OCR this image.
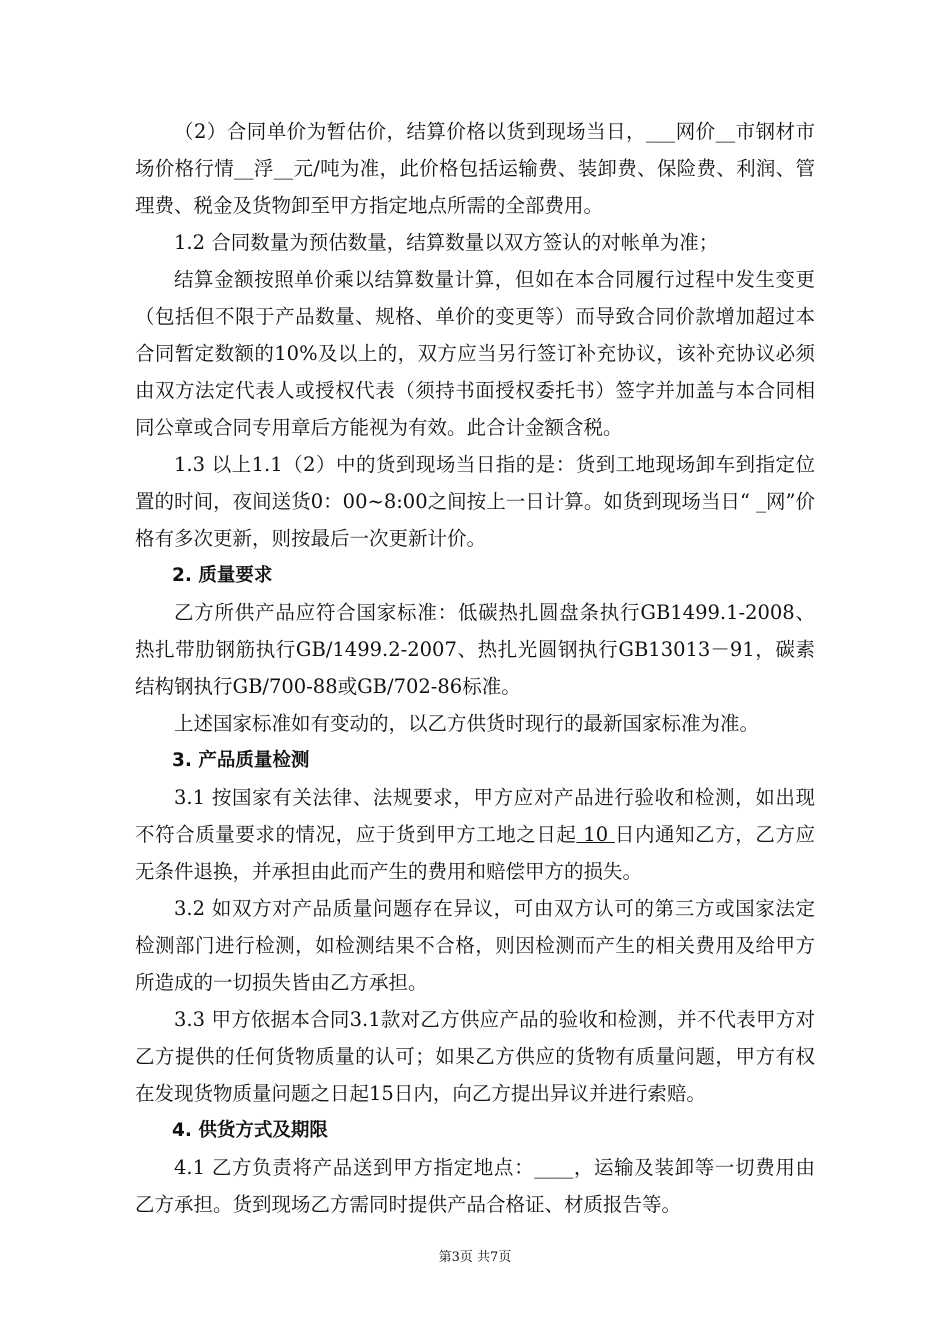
（2）合同单价为暂估价，结算价格以货到现场当日，___网价__市钢材市场价格行情__浮__元/吨为准，此价格包括运输费、装卸费、保险费、利润、管理费、税金及货物卸至甲方指定地点所需的全部费用。

1.2 合同数量为预估数量，结算数量以双方签认的对帐单为准；

结算金额按照单价乘以结算数量计算，但如在本合同履行过程中发生变更（包括但不限于产品数量、规格、单价的变更等）而导致合同价款增加超过本合同暂定数额的10%及以上的，双方应当另行签订补充协议，该补充协议必须由双方法定代表人或授权代表（须持书面授权委托书）签字并加盖与本合同相同公章或合同专用章后方能视为有效。此合计金额含税。

1.3 以上1.1（2）中的货到现场当日指的是：货到工地现场卸车到指定位置的时间，夜间送货0：00~8:00之间按上一日计算。如货到现场当日“ _网”价格有多次更新，则按最后一次更新计价。

2. 质量要求

乙方所供产品应符合国家标准：低碳热扎圆盘条执行GB1499.1-2008、热扎带肋钢筋执行GB/1499.2-2007、热扎光圆钢执行GB13013－91，碳素结构钢执行GB/700-88或GB/702-86标准。

上述国家标准如有变动的，以乙方供货时现行的最新国家标准为准。

3. 产品质量检测

3.1 按国家有关法律、法规要求，甲方应对产品进行验收和检测，如出现不符合质量要求的情况，应于货到甲方工地之日起 10 日内通知乙方，乙方应无条件退换，并承担由此而产生的费用和赔偿甲方的损失。

3.2 如双方对产品质量问题存在异议，可由双方认可的第三方或国家法定检测部门进行检测，如检测结果不合格，则因检测而产生的相关费用及给甲方所造成的一切损失皆由乙方承担。

3.3 甲方依据本合同3.1款对乙方供应产品的验收和检测，并不代表甲方对乙方提供的任何货物质量的认可；如果乙方供应的货物有质量问题，甲方有权在发现货物质量问题之日起15日内，向乙方提出异议并进行索赔。

4. 供货方式及期限

4.1 乙方负责将产品送到甲方指定地点：____，运输及装卸等一切费用由乙方承担。货到现场乙方需同时提供产品合格证、材质报告等。

第3页 共7页
